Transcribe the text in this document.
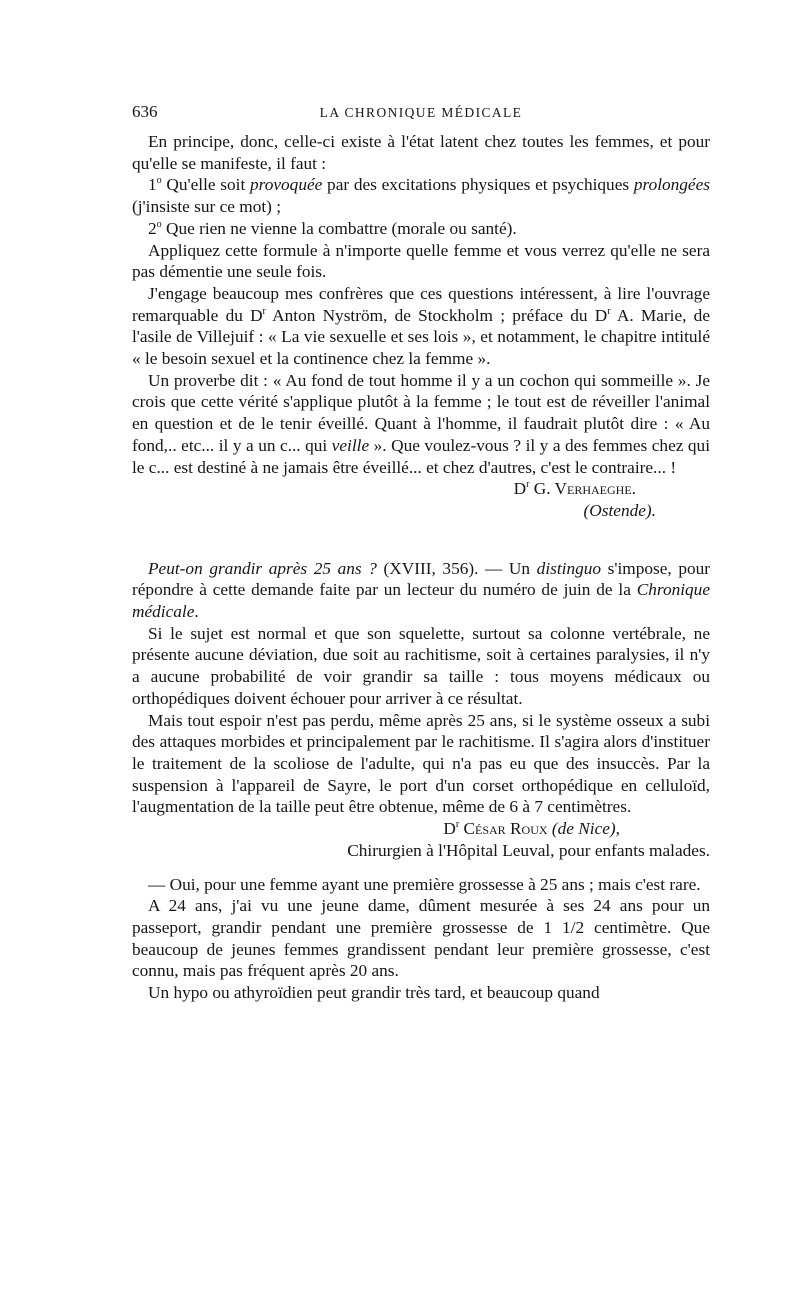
636	LA CHRONIQUE MÉDICALE

En principe, donc, celle-ci existe à l'état latent chez toutes les femmes, et pour qu'elle se manifeste, il faut :

1$^o$ Qu'elle soit provoquée par des excitations physiques et psychiques prolongées (j'insiste sur ce mot) ;

2$^o$ Que rien ne vienne la combattre (morale ou santé).

Appliquez cette formule à n'importe quelle femme et vous verrez qu'elle ne sera pas démentie une seule fois.

J'engage beaucoup mes confrères que ces questions intéressent, à lire l'ouvrage remarquable du $D^r$ Anton Nyström, de Stockholm ; préface du $D^r$ A. Marie, de l'asile de Villejuif : « La vie sexuelle et ses lois », et notamment, le chapitre intitulé « le besoin sexuel et la continence chez la femme ».

Un proverbe dit : « Au fond de tout homme il y a un cochon qui sommeille ». Je crois que cette vérité s'applique plutôt à la femme ; le tout est de réveiller l'animal en question et de le tenir éveillé. Quant à l'homme, il faudrait plutôt dire : « Au fond,.. etc... il y a un c... qui veille ». Que voulez-vous ? il y a des femmes chez qui le c... est destiné à ne jamais être éveillé... et chez d'autres, c'est le contraire... !

$D^r$ G. Verhaeghe.

(Ostende).

Peut-on grandir après 25 ans ? (XVIII, 356). — Un distinguo s'impose, pour répondre à cette demande faite par un lecteur du numéro de juin de la Chronique médicale.

Si le sujet est normal et que son squelette, surtout sa colonne vertébrale, ne présente aucune déviation, due soit au rachitisme, soit à certaines paralysies, il n'y a aucune probabilité de voir grandir sa taille : tous moyens médicaux ou orthopédiques doivent échouer pour arriver à ce résultat.

Mais tout espoir n'est pas perdu, même après 25 ans, si le système osseux a subi des attaques morbides et principalement par le rachitisme. Il s'agira alors d'instituer le traitement de la scoliose de l'adulte, qui n'a pas eu que des insuccès. Par la suspension à l'appareil de Sayre, le port d'un corset orthopédique en celluloïd, l'augmentation de la taille peut être obtenue, même de 6 à 7 centimètres.

$D^r$ César Roux (de Nice),

Chirurgien à l'Hôpital Leuval, pour enfants malades.

— Oui, pour une femme ayant une première grossesse à 25 ans ; mais c'est rare.

A 24 ans, j'ai vu une jeune dame, dûment mesurée à ses 24 ans pour un passeport, grandir pendant une première grossesse de 1 1/2 centimètre. Que beaucoup de jeunes femmes grandissent pendant leur première grossesse, c'est connu, mais pas fréquent après 20 ans.

Un hypo ou athyroïdien peut grandir très tard, et beaucoup quand
